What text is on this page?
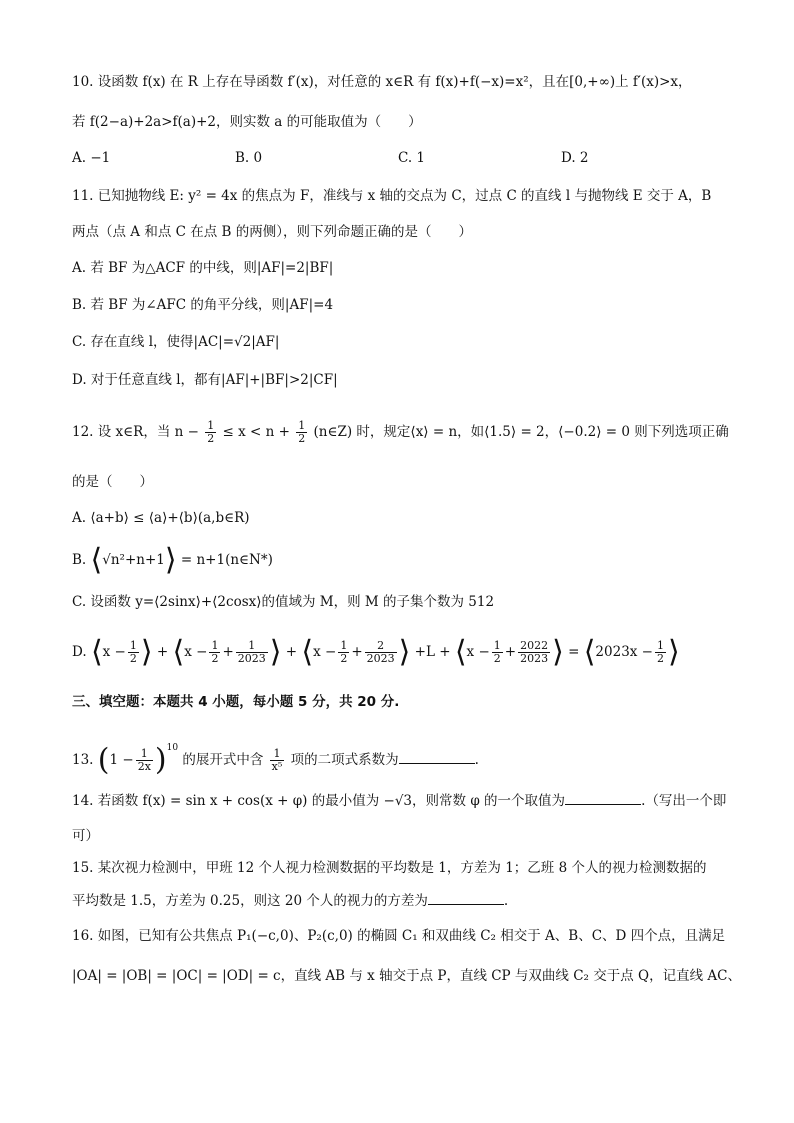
10. 设函数 f(x) 在 R 上存在导函数 f′(x)，对任意的 x∈R 有 f(x)+f(−x)=x²，且在[0,+∞)上 f′(x)>x，
若 f(2−a)+2a>f(a)+2，则实数 a 的可能取值为（　　）
A. −1	B. 0	C. 1	D. 2
11. 已知抛物线 E: y² = 4x 的焦点为 F，准线与 x 轴的交点为 C，过点 C 的直线 l 与抛物线 E 交于 A，B
两点（点 A 和点 C 在点 B 的两侧），则下列命题正确的是（　　）
A. 若 BF 为△ACF 的中线，则|AF|=2|BF|
B. 若 BF 为∠AFC 的角平分线，则|AF|=4
C. 存在直线 l，使得|AC|=√2|AF|
D. 对于任意直线 l，都有|AF|+|BF|>2|CF|
12. 设 x∈R，当 $n - \frac{1}{2} \le x < n + \frac{1}{2}$ (n∈Z) 时，规定⟨x⟩ = n，如⟨1.5⟩ = 2，⟨−0.2⟩ = 0 则下列选项正确
的是（　　）
A. ⟨a+b⟩ ≤ ⟨a⟩+⟨b⟩(a,b∈R)
B. ⟨√n²+n+1⟩ = n+1(n∈N*)
C. 设函数 y=⟨2sinx⟩+⟨2cosx⟩的值域为 M，则 M 的子集个数为 512
D. ⟨x − $\frac{1}{2}$ ⟩ + ⟨x − $\frac{1}{2} + \frac{1}{2023}$ ⟩ + ⟨x − $\frac{1}{2} + \frac{2}{2023}$ ⟩ +L + ⟨x − $\frac{1}{2} + \frac{2022}{2023}$ ⟩ = ⟨2023x − $\frac{1}{2}$ ⟩
三、填空题：本题共 4 小题，每小题 5 分，共 20 分.
13. $(1 - \frac{1}{2x} )^{10}$ 的展开式中含 $\frac{1}{\text{x⁵}}$ 项的二项式系数为	.
14. 若函数 f(x) = sin x + cos(x + φ) 的最小值为 −√3，则常数 φ 的一个取值为	.（写出一个即
可）
15. 某次视力检测中，甲班 12 个人视力检测数据的平均数是 1，方差为 1；乙班 8 个人的视力检测数据的
平均数是 1.5，方差为 0.25，则这 20 个人的视力的方差为	.
16. 如图，已知有公共焦点 P₁(−c,0)、P₂(c,0) 的椭圆 C₁ 和双曲线 C₂ 相交于 A、B、C、D 四个点，且满足
|OA| = |OB| = |OC| = |OD| = c，直线 AB 与 x 轴交于点 P，直线 CP 与双曲线 C₂ 交于点 Q，记直线 AC、
